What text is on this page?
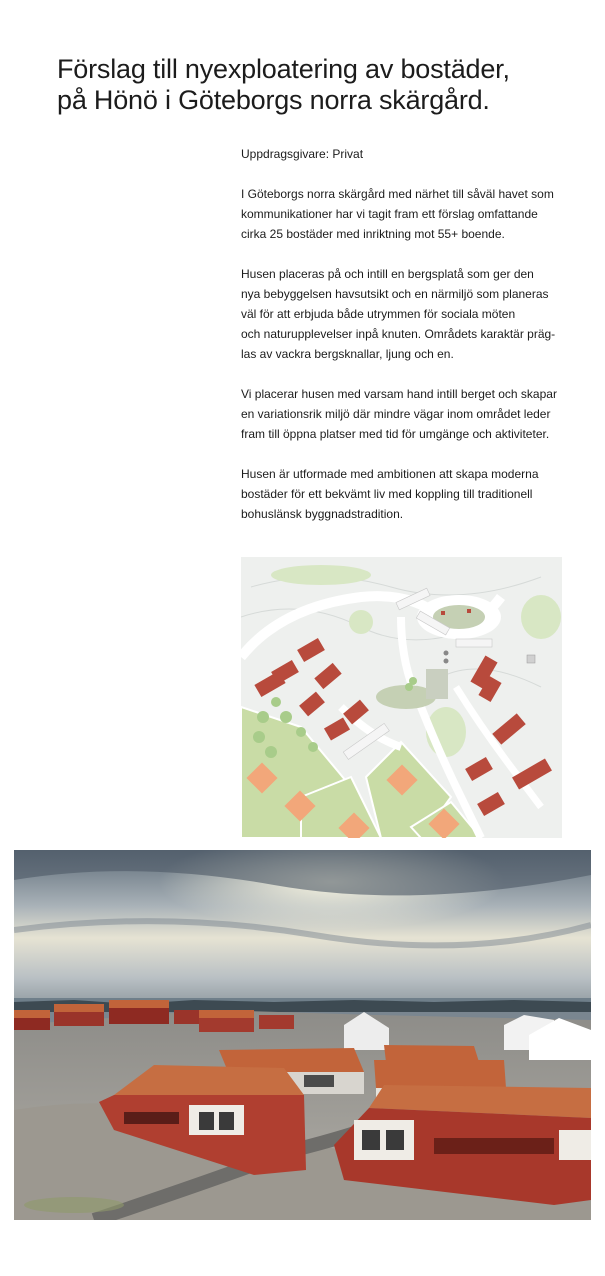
Förslag till nyexploatering av bostäder,
på Hönö i Göteborgs norra skärgård.

Uppdragsgivare: Privat

I Göteborgs norra skärgård med närhet till såväl havet som
kommunikationer har vi tagit fram ett förslag omfattande
cirka 25 bostäder med inriktning mot 55+ boende.

Husen placeras på och intill en bergsplatå som ger den
nya bebyggelsen havsutsikt och en närmiljö som planeras
väl för att erbjuda både utrymmen för sociala möten
och naturupplevelser inpå knuten. Områdets karaktär präg-
las av vackra bergsknallar, ljung och en.

Vi placerar husen med varsam hand intill berget och skapar
en variationsrik miljö där mindre vägar inom området leder
fram till öppna platser med tid för umgänge och aktiviteter.

Husen är utformade med ambitionen att skapa moderna
bostäder för ett bekvämt liv med koppling till traditionell
bohuslänsk byggnadstradition.
